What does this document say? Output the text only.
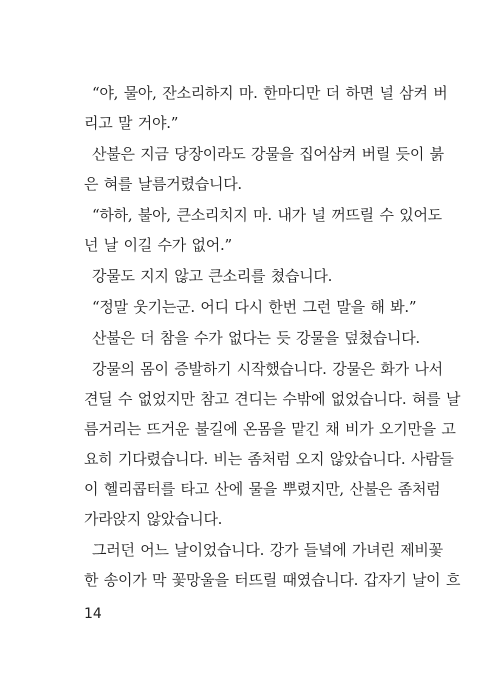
“야, 물아, 잔소리하지 마. 한마디만 더 하면 널 삼켜 버
리고 말 거야.”
산불은 지금 당장이라도 강물을 집어삼켜 버릴 듯이 붉
은 혀를 날름거렸습니다.
“하하, 불아, 큰소리치지 마. 내가 널 꺼뜨릴 수 있어도
넌 날 이길 수가 없어.”
강물도 지지 않고 큰소리를 쳤습니다.
“정말 웃기는군. 어디 다시 한번 그런 말을 해 봐.”
산불은 더 참을 수가 없다는 듯 강물을 덮쳤습니다.
강물의 몸이 증발하기 시작했습니다. 강물은 화가 나서
견딜 수 없었지만 참고 견디는 수밖에 없었습니다. 혀를 날
름거리는 뜨거운 불길에 온몸을 맡긴 채 비가 오기만을 고
요히 기다렸습니다. 비는 좀처럼 오지 않았습니다. 사람들
이 헬리콥터를 타고 산에 물을 뿌렸지만, 산불은 좀처럼
가라앉지 않았습니다.
그러던 어느 날이었습니다. 강가 들녘에 가녀린 제비꽃
한 송이가 막 꽃망울을 터뜨릴 때였습니다. 갑자기 날이 흐
14
